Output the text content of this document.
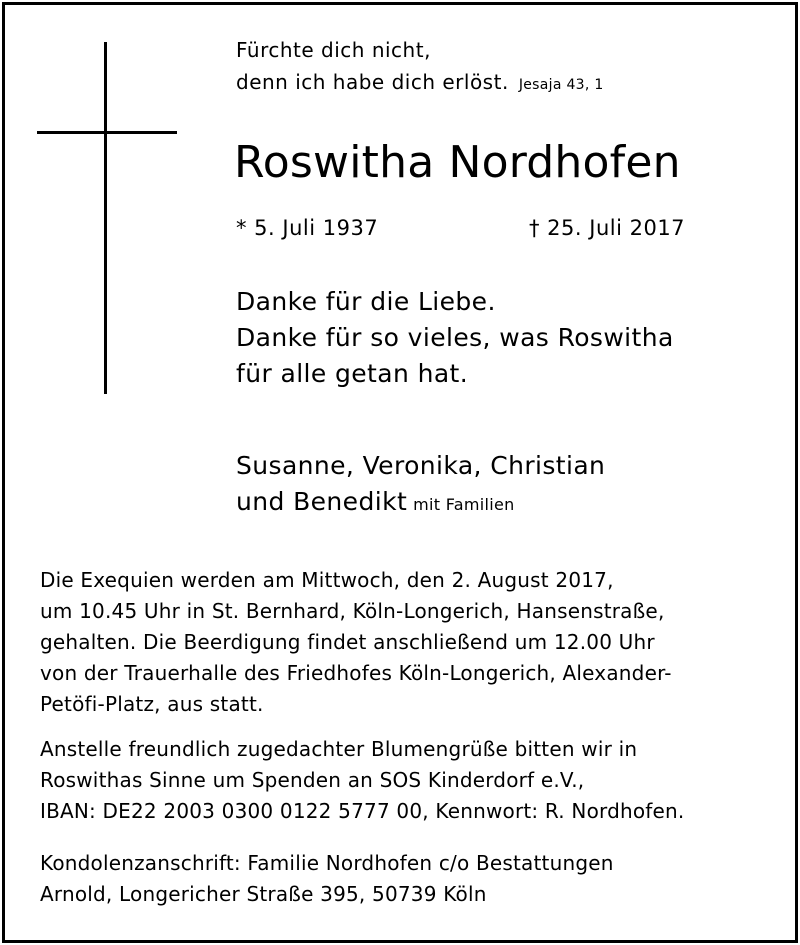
Fürchte dich nicht,
denn ich habe dich erlöst. Jesaja 43, 1
Roswitha Nordhofen
* 5. Juli 1937	† 25. Juli 2017
Danke für die Liebe.
Danke für so vieles, was Roswitha
für alle getan hat.
Susanne, Veronika, Christian
und Benedikt mit Familien
Die Exequien werden am Mittwoch, den 2. August 2017,
um 10.45 Uhr in St. Bernhard, Köln-Longerich, Hansenstraße,
gehalten. Die Beerdigung findet anschließend um 12.00 Uhr
von der Trauerhalle des Friedhofes Köln-Longerich, Alexander-
Petöfi-Platz, aus statt.
Anstelle freundlich zugedachter Blumengrüße bitten wir in
Roswithas Sinne um Spenden an SOS Kinderdorf e.V.,
IBAN: DE22 2003 0300 0122 5777 00, Kennwort: R. Nordhofen.
Kondolenzanschrift: Familie Nordhofen c/o Bestattungen
Arnold, Longericher Straße 395, 50739 Köln
